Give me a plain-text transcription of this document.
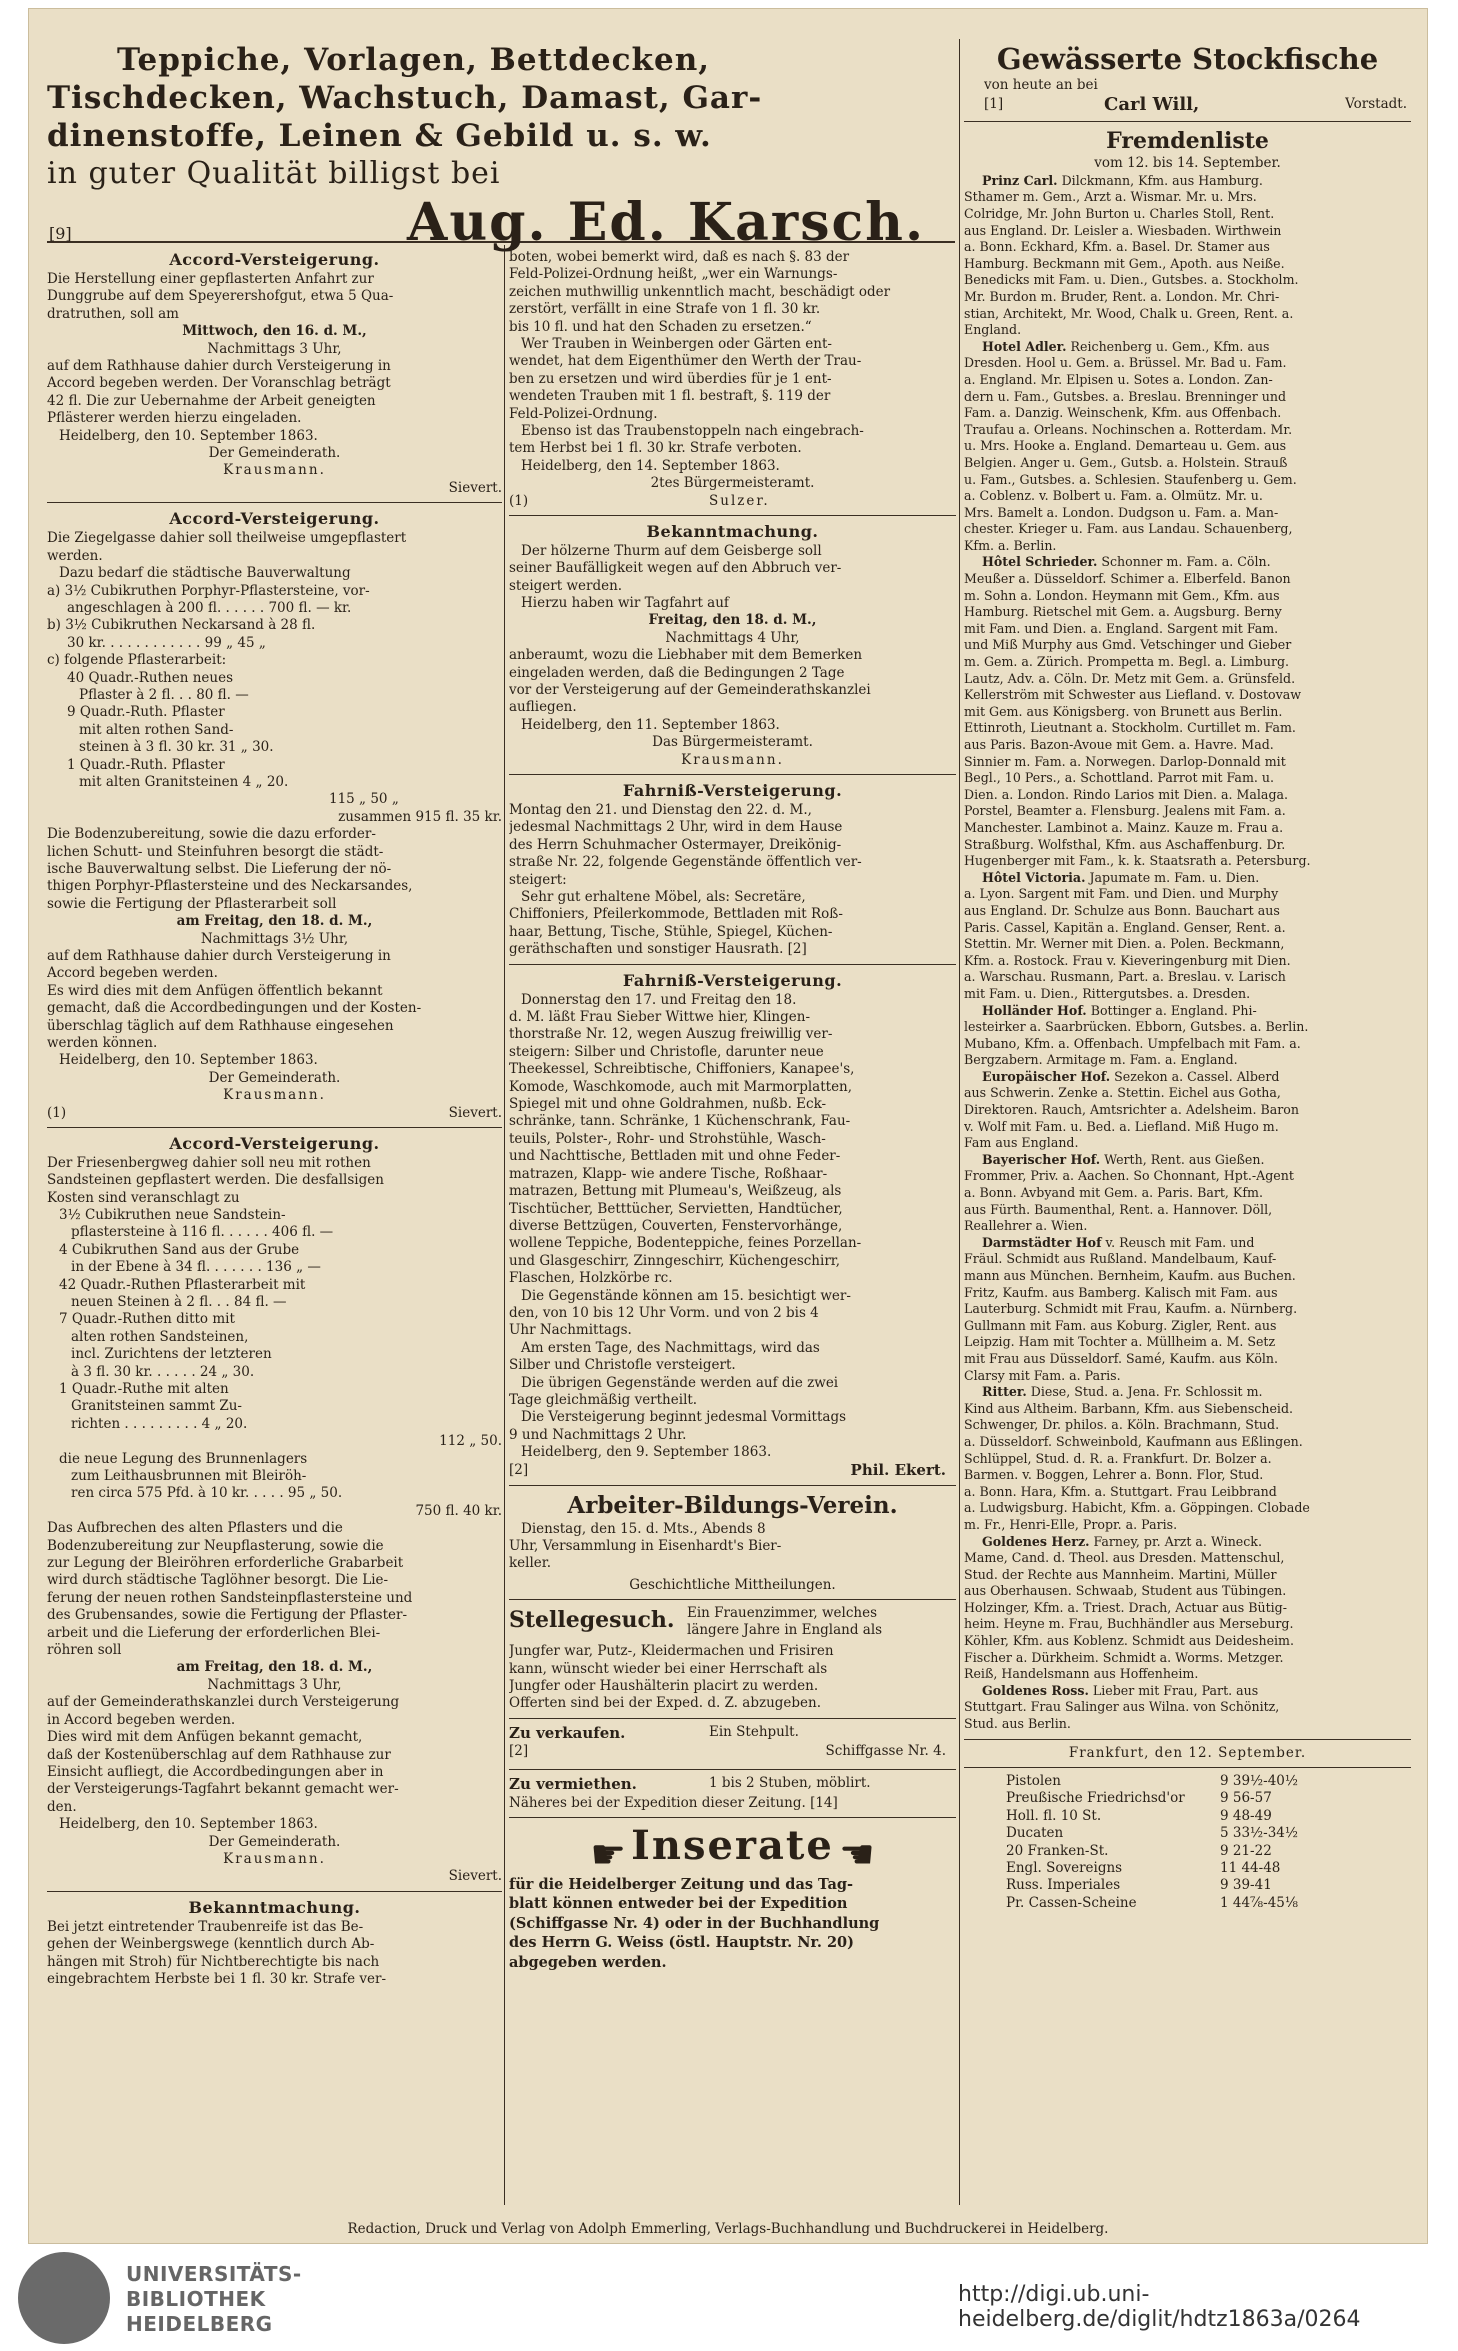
Teppiche, Vorlagen, Bettdecken,
Tischdecken, Wachstuch, Damast, Gar-
dinenstoffe, Leinen & Gebild u. s. w.
in guter Qualität billigst bei
[9]	Aug. Ed. Karsch.
Accord-Versteigerung.
Die Herstellung einer gepflasterten Anfahrt zur
Dunggrube auf dem Speyerershofgut, etwa 5 Qua-
dratruthen, soll am
Mittwoch, den 16. d. M.,
Nachmittags 3 Uhr,
auf dem Rathhause dahier durch Versteigerung in
Accord begeben werden. Der Voranschlag beträgt
42 fl. Die zur Uebernahme der Arbeit geneigten
Pflästerer werden hierzu eingeladen.
Heidelberg, den 10. September 1863.
Der Gemeinderath.
Krausmann.
Sievert.
Accord-Versteigerung.
Die Ziegelgasse dahier soll theilweise umgepflastert
werden.
Dazu bedarf die städtische Bauverwaltung
a) 3½ Cubikruthen Porphyr-Pflastersteine, vor-
angeschlagen à 200 fl. . . . . . 700 fl. — kr.
b) 3½ Cubikruthen Neckarsand à 28 fl.
30 kr. . . . . . . . . . . . 99 „ 45 „
c) folgende Pflasterarbeit:
40 Quadr.-Ruthen neues
Pflaster à 2 fl. . . 80 fl. —
9 Quadr.-Ruth. Pflaster
mit alten rothen Sand-
steinen à 3 fl. 30 kr. 31 „ 30.
1 Quadr.-Ruth. Pflaster
mit alten Granitsteinen 4 „ 20.
115 „ 50 „
zusammen 915 fl. 35 kr.
Die Bodenzubereitung, sowie die dazu erforder-
lichen Schutt- und Steinfuhren besorgt die städt-
ische Bauverwaltung selbst. Die Lieferung der nö-
thigen Porphyr-Pflastersteine und des Neckarsandes,
sowie die Fertigung der Pflasterarbeit soll
am Freitag, den 18. d. M.,
Nachmittags 3½ Uhr,
auf dem Rathhause dahier durch Versteigerung in
Accord begeben werden.
Es wird dies mit dem Anfügen öffentlich bekannt
gemacht, daß die Accordbedingungen und der Kosten-
überschlag täglich auf dem Rathhause eingesehen
werden können.
Heidelberg, den 10. September 1863.
Der Gemeinderath.
Krausmann.
(1)	Sievert.
Accord-Versteigerung.
Der Friesenbergweg dahier soll neu mit rothen
Sandsteinen gepflastert werden. Die desfallsigen
Kosten sind veranschlagt zu
3½ Cubikruthen neue Sandstein-
pflastersteine à 116 fl. . . . . . 406 fl. —
4 Cubikruthen Sand aus der Grube
in der Ebene à 34 fl. . . . . . . 136 „ —
42 Quadr.-Ruthen Pflasterarbeit mit
neuen Steinen à 2 fl. . . 84 fl. —
7 Quadr.-Ruthen ditto mit
alten rothen Sandsteinen,
incl. Zurichtens der letzteren
à 3 fl. 30 kr. . . . . . 24 „ 30.
1 Quadr.-Ruthe mit alten
Granitsteinen sammt Zu-
richten . . . . . . . . . 4 „ 20.
112 „ 50.
die neue Legung des Brunnenlagers
zum Leithausbrunnen mit Bleiröh-
ren circa 575 Pfd. à 10 kr. . . . . 95 „ 50.
750 fl. 40 kr.
Das Aufbrechen des alten Pflasters und die
Bodenzubereitung zur Neupflasterung, sowie die
zur Legung der Bleiröhren erforderliche Grabarbeit
wird durch städtische Taglöhner besorgt. Die Lie-
ferung der neuen rothen Sandsteinpflastersteine und
des Grubensandes, sowie die Fertigung der Pflaster-
arbeit und die Lieferung der erforderlichen Blei-
röhren soll
am Freitag, den 18. d. M.,
Nachmittags 3 Uhr,
auf der Gemeinderathskanzlei durch Versteigerung
in Accord begeben werden.
Dies wird mit dem Anfügen bekannt gemacht,
daß der Kostenüberschlag auf dem Rathhause zur
Einsicht aufliegt, die Accordbedingungen aber in
der Versteigerungs-Tagfahrt bekannt gemacht wer-
den.
Heidelberg, den 10. September 1863.
Der Gemeinderath.
Krausmann.
Sievert.
Bekanntmachung.
Bei jetzt eintretender Traubenreife ist das Be-
gehen der Weinbergswege (kenntlich durch Ab-
hängen mit Stroh) für Nichtberechtigte bis nach
eingebrachtem Herbste bei 1 fl. 30 kr. Strafe ver-
boten, wobei bemerkt wird, daß es nach §. 83 der
Feld-Polizei-Ordnung heißt, „wer ein Warnungs-
zeichen muthwillig unkenntlich macht, beschädigt oder
zerstört, verfällt in eine Strafe von 1 fl. 30 kr.
bis 10 fl. und hat den Schaden zu ersetzen.“
Wer Trauben in Weinbergen oder Gärten ent-
wendet, hat dem Eigenthümer den Werth der Trau-
ben zu ersetzen und wird überdies für je 1 ent-
wendeten Trauben mit 1 fl. bestraft, §. 119 der
Feld-Polizei-Ordnung.
Ebenso ist das Traubenstoppeln nach eingebrach-
tem Herbst bei 1 fl. 30 kr. Strafe verboten.
Heidelberg, den 14. September 1863.
2tes Bürgermeisteramt.
(1)	Sulzer.
Bekanntmachung.
Der hölzerne Thurm auf dem Geisberge soll
seiner Baufälligkeit wegen auf den Abbruch ver-
steigert werden.
Hierzu haben wir Tagfahrt auf
Freitag, den 18. d. M.,
Nachmittags 4 Uhr,
anberaumt, wozu die Liebhaber mit dem Bemerken
eingeladen werden, daß die Bedingungen 2 Tage
vor der Versteigerung auf der Gemeinderathskanzlei
aufliegen.
Heidelberg, den 11. September 1863.
Das Bürgermeisteramt.
Krausmann.
Fahrniß-Versteigerung.
Montag den 21. und Dienstag den 22. d. M.,
jedesmal Nachmittags 2 Uhr, wird in dem Hause
des Herrn Schuhmacher Ostermayer, Dreikönig-
straße Nr. 22, folgende Gegenstände öffentlich ver-
steigert:
Sehr gut erhaltene Möbel, als: Secretäre,
Chiffoniers, Pfeilerkommode, Bettladen mit Roß-
haar, Bettung, Tische, Stühle, Spiegel, Küchen-
geräthschaften und sonstiger Hausrath. [2]
Fahrniß-Versteigerung.
Donnerstag den 17. und Freitag den 18.
d. M. läßt Frau Sieber Wittwe hier, Klingen-
thorstraße Nr. 12, wegen Auszug freiwillig ver-
steigern: Silber und Christofle, darunter neue
Theekessel, Schreibtische, Chiffoniers, Kanapee's,
Komode, Waschkomode, auch mit Marmorplatten,
Spiegel mit und ohne Goldrahmen, nußb. Eck-
schränke, tann. Schränke, 1 Küchenschrank, Fau-
teuils, Polster-, Rohr- und Strohstühle, Wasch-
und Nachttische, Bettladen mit und ohne Feder-
matrazen, Klapp- wie andere Tische, Roßhaar-
matrazen, Bettung mit Plumeau's, Weißzeug, als
Tischtücher, Betttücher, Servietten, Handtücher,
diverse Bettzügen, Couverten, Fenstervorhänge,
wollene Teppiche, Bodenteppiche, feines Porzellan-
und Glasgeschirr, Zinngeschirr, Küchengeschirr,
Flaschen, Holzkörbe rc.
Die Gegenstände können am 15. besichtigt wer-
den, von 10 bis 12 Uhr Vorm. und von 2 bis 4
Uhr Nachmittags.
Am ersten Tage, des Nachmittags, wird das
Silber und Christofle versteigert.
Die übrigen Gegenstände werden auf die zwei
Tage gleichmäßig vertheilt.
Die Versteigerung beginnt jedesmal Vormittags
9 und Nachmittags 2 Uhr.
Heidelberg, den 9. September 1863.
[2]	Phil. Ekert.
Arbeiter-Bildungs-Verein.
Dienstag, den 15. d. Mts., Abends 8
Uhr, Versammlung in Eisenhardt's Bier-
keller.
Geschichtliche Mittheilungen.
Stellegesuch. Ein Frauenzimmer, welches
längere Jahre in England als
Jungfer war, Putz-, Kleidermachen und Frisiren
kann, wünscht wieder bei einer Herrschaft als
Jungfer oder Haushälterin placirt zu werden.
Offerten sind bei der Exped. d. Z. abzugeben.
Zu verkaufen.	Ein Stehpult.
[2]	Schiffgasse Nr. 4.
Zu vermiethen.	1 bis 2 Stuben, möblirt.
Näheres bei der Expedition dieser Zeitung. [14]
☛ Inserate ☛
für die Heidelberger Zeitung und das Tag-
blatt können entweder bei der Expedition
(Schiffgasse Nr. 4) oder in der Buchhandlung
des Herrn G. Weiss (östl. Hauptstr. Nr. 20)
abgegeben werden.
Gewässerte Stockfische
von heute an bei
[1]	Carl Will,	Vorstadt.
Fremdenliste
vom 12. bis 14. September.
Prinz Carl. Dilckmann, Kfm. aus Hamburg.
Sthamer m. Gem., Arzt a. Wismar. Mr. u. Mrs.
Colridge, Mr. John Burton u. Charles Stoll, Rent.
aus England. Dr. Leisler a. Wiesbaden. Wirthwein
a. Bonn. Eckhard, Kfm. a. Basel. Dr. Stamer aus
Hamburg. Beckmann mit Gem., Apoth. aus Neiße.
Benedicks mit Fam. u. Dien., Gutsbes. a. Stockholm.
Mr. Burdon m. Bruder, Rent. a. London. Mr. Chri-
stian, Architekt, Mr. Wood, Chalk u. Green, Rent. a.
England.
Hotel Adler. Reichenberg u. Gem., Kfm. aus
Dresden. Hool u. Gem. a. Brüssel. Mr. Bad u. Fam.
a. England. Mr. Elpisen u. Sotes a. London. Zan-
dern u. Fam., Gutsbes. a. Breslau. Brenninger und
Fam. a. Danzig. Weinschenk, Kfm. aus Offenbach.
Traufau a. Orleans. Nochinschen a. Rotterdam. Mr.
u. Mrs. Hooke a. England. Demarteau u. Gem. aus
Belgien. Anger u. Gem., Gutsb. a. Holstein. Strauß
u. Fam., Gutsbes. a. Schlesien. Staufenberg u. Gem.
a. Coblenz. v. Bolbert u. Fam. a. Olmütz. Mr. u.
Mrs. Bamelt a. London. Dudgson u. Fam. a. Man-
chester. Krieger u. Fam. aus Landau. Schauenberg,
Kfm. a. Berlin.
Hôtel Schrieder. Schonner m. Fam. a. Cöln.
Meußer a. Düsseldorf. Schimer a. Elberfeld. Banon
m. Sohn a. London. Heymann mit Gem., Kfm. aus
Hamburg. Rietschel mit Gem. a. Augsburg. Berny
mit Fam. und Dien. a. England. Sargent mit Fam.
und Miß Murphy aus Gmd. Vetschinger und Gieber
m. Gem. a. Zürich. Prompetta m. Begl. a. Limburg.
Lautz, Adv. a. Cöln. Dr. Metz mit Gem. a. Grünsfeld.
Kellerström mit Schwester aus Liefland. v. Dostovaw
mit Gem. aus Königsberg. von Brunett aus Berlin.
Ettinroth, Lieutnant a. Stockholm. Curtillet m. Fam.
aus Paris. Bazon-Avoue mit Gem. a. Havre. Mad.
Sinnier m. Fam. a. Norwegen. Darlop-Donnald mit
Begl., 10 Pers., a. Schottland. Parrot mit Fam. u.
Dien. a. London. Rindo Larios mit Dien. a. Malaga.
Porstel, Beamter a. Flensburg. Jealens mit Fam. a.
Manchester. Lambinot a. Mainz. Kauze m. Frau a.
Straßburg. Wolfsthal, Kfm. aus Aschaffenburg. Dr.
Hugenberger mit Fam., k. k. Staatsrath a. Petersburg.
Hôtel Victoria. Japumate m. Fam. u. Dien.
a. Lyon. Sargent mit Fam. und Dien. und Murphy
aus England. Dr. Schulze aus Bonn. Bauchart aus
Paris. Cassel, Kapitän a. England. Genser, Rent. a.
Stettin. Mr. Werner mit Dien. a. Polen. Beckmann,
Kfm. a. Rostock. Frau v. Kieveringenburg mit Dien.
a. Warschau. Rusmann, Part. a. Breslau. v. Larisch
mit Fam. u. Dien., Rittergutsbes. a. Dresden.
Holländer Hof. Bottinger a. England. Phi-
lesteirker a. Saarbrücken. Ebborn, Gutsbes. a. Berlin.
Mubano, Kfm. a. Offenbach. Umpfelbach mit Fam. a.
Bergzabern. Armitage m. Fam. a. England.
Europäischer Hof. Sezekon a. Cassel. Alberd
aus Schwerin. Zenke a. Stettin. Eichel aus Gotha,
Direktoren. Rauch, Amtsrichter a. Adelsheim. Baron
v. Wolf mit Fam. u. Bed. a. Liefland. Miß Hugo m.
Fam aus England.
Bayerischer Hof. Werth, Rent. aus Gießen.
Frommer, Priv. a. Aachen. So Chonnant, Hpt.-Agent
a. Bonn. Avbyand mit Gem. a. Paris. Bart, Kfm.
aus Fürth. Baumenthal, Rent. a. Hannover. Döll,
Reallehrer a. Wien.
Darmstädter Hof v. Reusch mit Fam. und
Fräul. Schmidt aus Rußland. Mandelbaum, Kauf-
mann aus München. Bernheim, Kaufm. aus Buchen.
Fritz, Kaufm. aus Bamberg. Kalisch mit Fam. aus
Lauterburg. Schmidt mit Frau, Kaufm. a. Nürnberg.
Gullmann mit Fam. aus Koburg. Zigler, Rent. aus
Leipzig. Ham mit Tochter a. Müllheim a. M. Setz
mit Frau aus Düsseldorf. Samé, Kaufm. aus Köln.
Clarsy mit Fam. a. Paris.
Ritter. Diese, Stud. a. Jena. Fr. Schlossit m.
Kind aus Altheim. Barbann, Kfm. aus Siebenscheid.
Schwenger, Dr. philos. a. Köln. Brachmann, Stud.
a. Düsseldorf. Schweinbold, Kaufmann aus Eßlingen.
Schlüppel, Stud. d. R. a. Frankfurt. Dr. Bolzer a.
Barmen. v. Boggen, Lehrer a. Bonn. Flor, Stud.
a. Bonn. Hara, Kfm. a. Stuttgart. Frau Leibbrand
a. Ludwigsburg. Habicht, Kfm. a. Göppingen. Clobade
m. Fr., Henri-Elle, Propr. a. Paris.
Goldenes Herz. Farney, pr. Arzt a. Wineck.
Mame, Cand. d. Theol. aus Dresden. Mattenschul,
Stud. der Rechte aus Mannheim. Martini, Müller
aus Oberhausen. Schwaab, Student aus Tübingen.
Holzinger, Kfm. a. Triest. Drach, Actuar aus Bütig-
heim. Heyne m. Frau, Buchhändler aus Merseburg.
Köhler, Kfm. aus Koblenz. Schmidt aus Deidesheim.
Fischer a. Dürkheim. Schmidt a. Worms. Metzger.
Reiß, Handelsmann aus Hoffenheim.
Goldenes Ross. Lieber mit Frau, Part. aus
Stuttgart. Frau Salinger aus Wilna. von Schönitz,
Stud. aus Berlin.
Frankfurt, den 12. September.
Pistolen	9 39½-40½
Preußische Friedrichsd'or	9 56-57
Holl. fl. 10 St.	9 48-49
Ducaten	5 33½-34½
20 Franken-St.	9 21-22
Engl. Sovereigns	11 44-48
Russ. Imperiales	9 39-41
Pr. Cassen-Scheine	1 44⅞-45⅛
Redaction, Druck und Verlag von Adolph Emmerling, Verlags-Buchhandlung und Buchdruckerei in Heidelberg.
UNIVERSITÄTS-
BIBLIOTHEK
HEIDELBERG
http://digi.ub.uni-heidelberg.de/diglit/hdtz1863a/0264
